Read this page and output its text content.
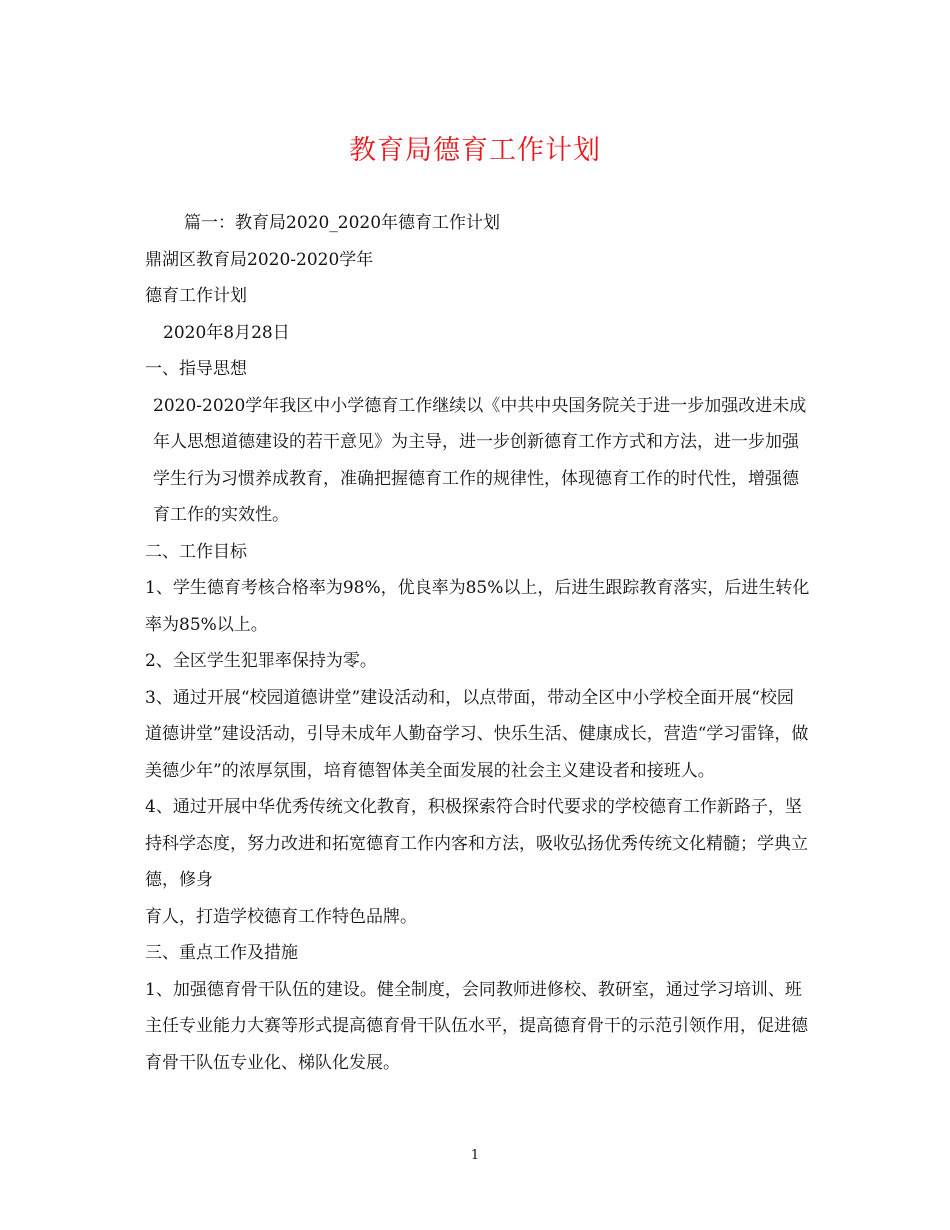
教育局德育工作计划

篇一：教育局2020_2020年德育工作计划

鼎湖区教育局2020-2020学年

德育工作计划

2020年8月28日

一、指导思想

2020-2020学年我区中小学德育工作继续以《中共中央国务院关于进一步加强改进未成年人思想道德建设的若干意见》为主导，进一步创新德育工作方式和方法，进一步加强学生行为习惯养成教育，准确把握德育工作的规律性，体现德育工作的时代性，增强德育工作的实效性。

二、工作目标

1、学生德育考核合格率为98%，优良率为85%以上，后进生跟踪教育落实，后进生转化率为85%以上。

2、全区学生犯罪率保持为零。

3、通过开展“校园道德讲堂”建设活动和，以点带面，带动全区中小学校全面开展“校园道德讲堂”建设活动，引导未成年人勤奋学习、快乐生活、健康成长，营造“学习雷锋，做美德少年”的浓厚氛围，培育德智体美全面发展的社会主义建设者和接班人。

4、通过开展中华优秀传统文化教育，积极探索符合时代要求的学校德育工作新路子，坚持科学态度，努力改进和拓宽德育工作内客和方法，吸收弘扬优秀传统文化精髓；学典立德，修身

育人，打造学校德育工作特色品牌。

三、重点工作及措施

1、加强德育骨干队伍的建设。健全制度，会同教师进修校、教研室，通过学习培训、班主任专业能力大赛等形式提高德育骨干队伍水平，提高德育骨干的示范引领作用，促进德育骨干队伍专业化、梯队化发展。

1
